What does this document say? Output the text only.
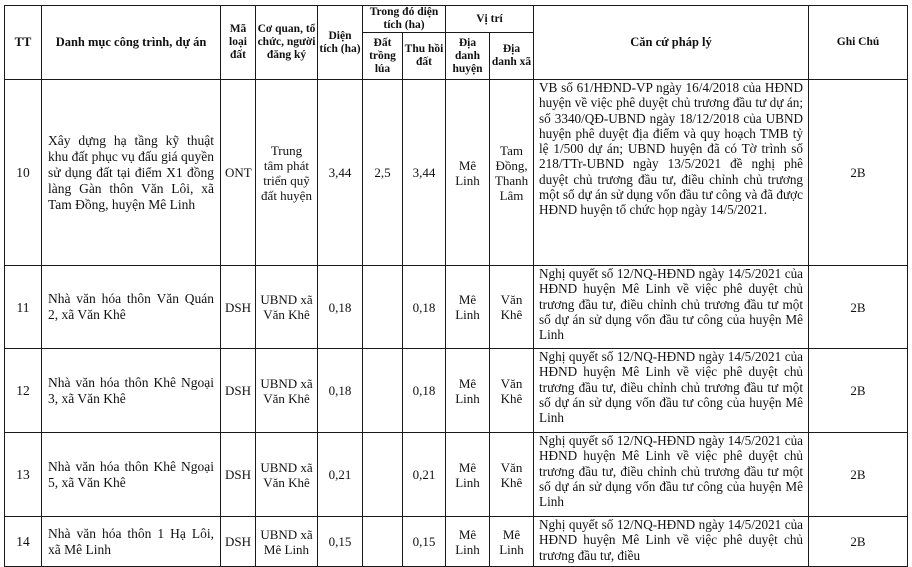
TT	Danh mục công trình, dự án	Mã loại đất	Cơ quan, tổ chức, người đăng ký	Diện tích (ha)	Trong đó diện tích (ha)		Vị trí		Căn cứ pháp lý	Ghi Chú
					Đất trồng lúa	Thu hồi đất	Địa danh huyện	Địa danh xã		
10	Xây dựng hạ tầng kỹ thuật khu đất phục vụ đấu giá quyền sử dụng đất tại điểm X1 đồng làng Gàn thôn Văn Lôi, xã Tam Đồng, huyện Mê Linh	ONT	Trung tâm phát triển quỹ đất huyện	3,44	2,5	3,44	Mê Linh	Tam Đồng, Thanh Lâm	VB số 61/HĐND-VP ngày 16/4/2018 của HĐND huyện về việc phê duyệt chủ trương đầu tư dự án; số 3340/QĐ-UBND ngày 18/12/2018 của UBND huyện phê duyệt địa điểm và quy hoạch TMB tỷ lệ 1/500 dự án; UBND huyện đã có Tờ trình số 218/TTr-UBND ngày 13/5/2021 đề nghị phê duyệt chủ trương đầu tư, điều chỉnh chủ trương một số dự án sử dụng vốn đầu tư công và đã được HĐND huyện tổ chức họp ngày 14/5/2021.	2B
11	Nhà văn hóa thôn Văn Quán 2, xã Văn Khê	DSH	UBND xã Văn Khê	0,18		0,18	Mê Linh	Văn Khê	Nghị quyết số 12/NQ-HĐND ngày 14/5/2021 của HĐND huyện Mê Linh về việc phê duyệt chủ trương đầu tư, điều chỉnh chủ trương đầu tư một số dự án sử dụng vốn đầu tư công của huyện Mê Linh	2B
12	Nhà văn hóa thôn Khê Ngoại 3, xã Văn Khê	DSH	UBND xã Văn Khê	0,18		0,18	Mê Linh	Văn Khê	Nghị quyết số 12/NQ-HĐND ngày 14/5/2021 của HĐND huyện Mê Linh về việc phê duyệt chủ trương đầu tư, điều chỉnh chủ trương đầu tư một số dự án sử dụng vốn đầu tư công của huyện Mê Linh	2B
13	Nhà văn hóa thôn Khê Ngoại 5, xã Văn Khê	DSH	UBND xã Văn Khê	0,21		0,21	Mê Linh	Văn Khê	Nghị quyết số 12/NQ-HĐND ngày 14/5/2021 của HĐND huyện Mê Linh về việc phê duyệt chủ trương đầu tư, điều chỉnh chủ trương đầu tư một số dự án sử dụng vốn đầu tư công của huyện Mê Linh	2B
14	Nhà văn hóa thôn 1 Hạ Lôi, xã Mê Linh	DSH	UBND xã Mê Linh	0,15		0,15	Mê Linh	Mê Linh	Nghị quyết số 12/NQ-HĐND ngày 14/5/2021 của HĐND huyện Mê Linh về việc phê duyệt chủ trương đầu tư, điều	2B
